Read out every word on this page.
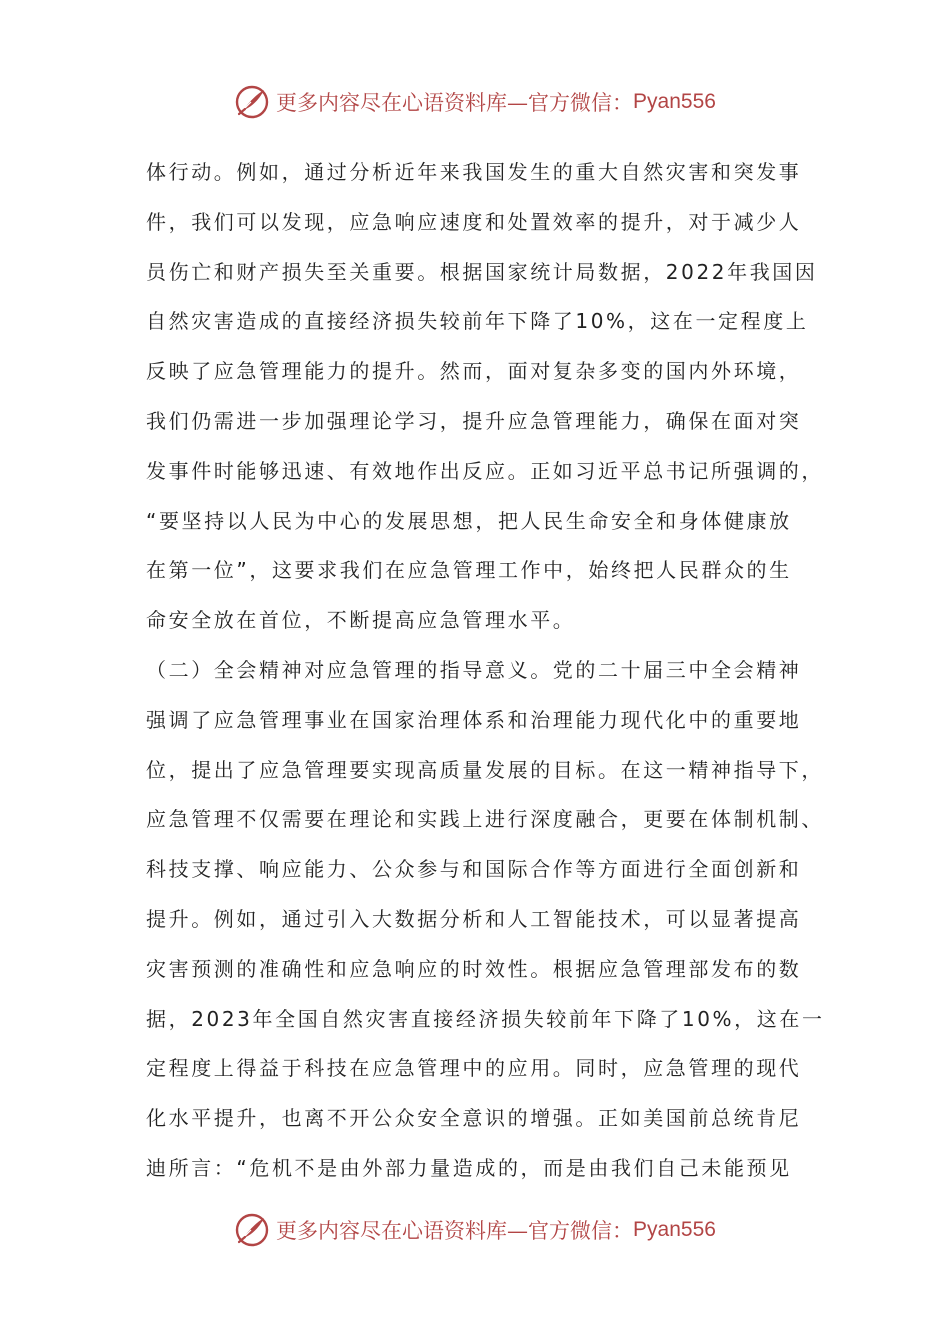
更多内容尽在心语资料库—官方微信： Pyan556
体行动。例如，通过分析近年来我国发生的重大自然灾害和突发事
件，我们可以发现，应急响应速度和处置效率的提升，对于减少人
员伤亡和财产损失至关重要。根据国家统计局数据，2022年我国因
自然灾害造成的直接经济损失较前年下降了10%，这在一定程度上
反映了应急管理能力的提升。然而，面对复杂多变的国内外环境，
我们仍需进一步加强理论学习，提升应急管理能力，确保在面对突
发事件时能够迅速、有效地作出反应。正如习近平总书记所强调的，
“要坚持以人民为中心的发展思想，把人民生命安全和身体健康放
在第一位”，这要求我们在应急管理工作中，始终把人民群众的生
命安全放在首位，不断提高应急管理水平。
（二）全会精神对应急管理的指导意义。党的二十届三中全会精神
强调了应急管理事业在国家治理体系和治理能力现代化中的重要地
位，提出了应急管理要实现高质量发展的目标。在这一精神指导下，
应急管理不仅需要在理论和实践上进行深度融合，更要在体制机制、
科技支撑、响应能力、公众参与和国际合作等方面进行全面创新和
提升。例如，通过引入大数据分析和人工智能技术，可以显著提高
灾害预测的准确性和应急响应的时效性。根据应急管理部发布的数
据，2023年全国自然灾害直接经济损失较前年下降了10%，这在一
定程度上得益于科技在应急管理中的应用。同时，应急管理的现代
化水平提升，也离不开公众安全意识的增强。正如美国前总统肯尼
迪所言：“危机不是由外部力量造成的，而是由我们自己未能预见
更多内容尽在心语资料库—官方微信： Pyan556
